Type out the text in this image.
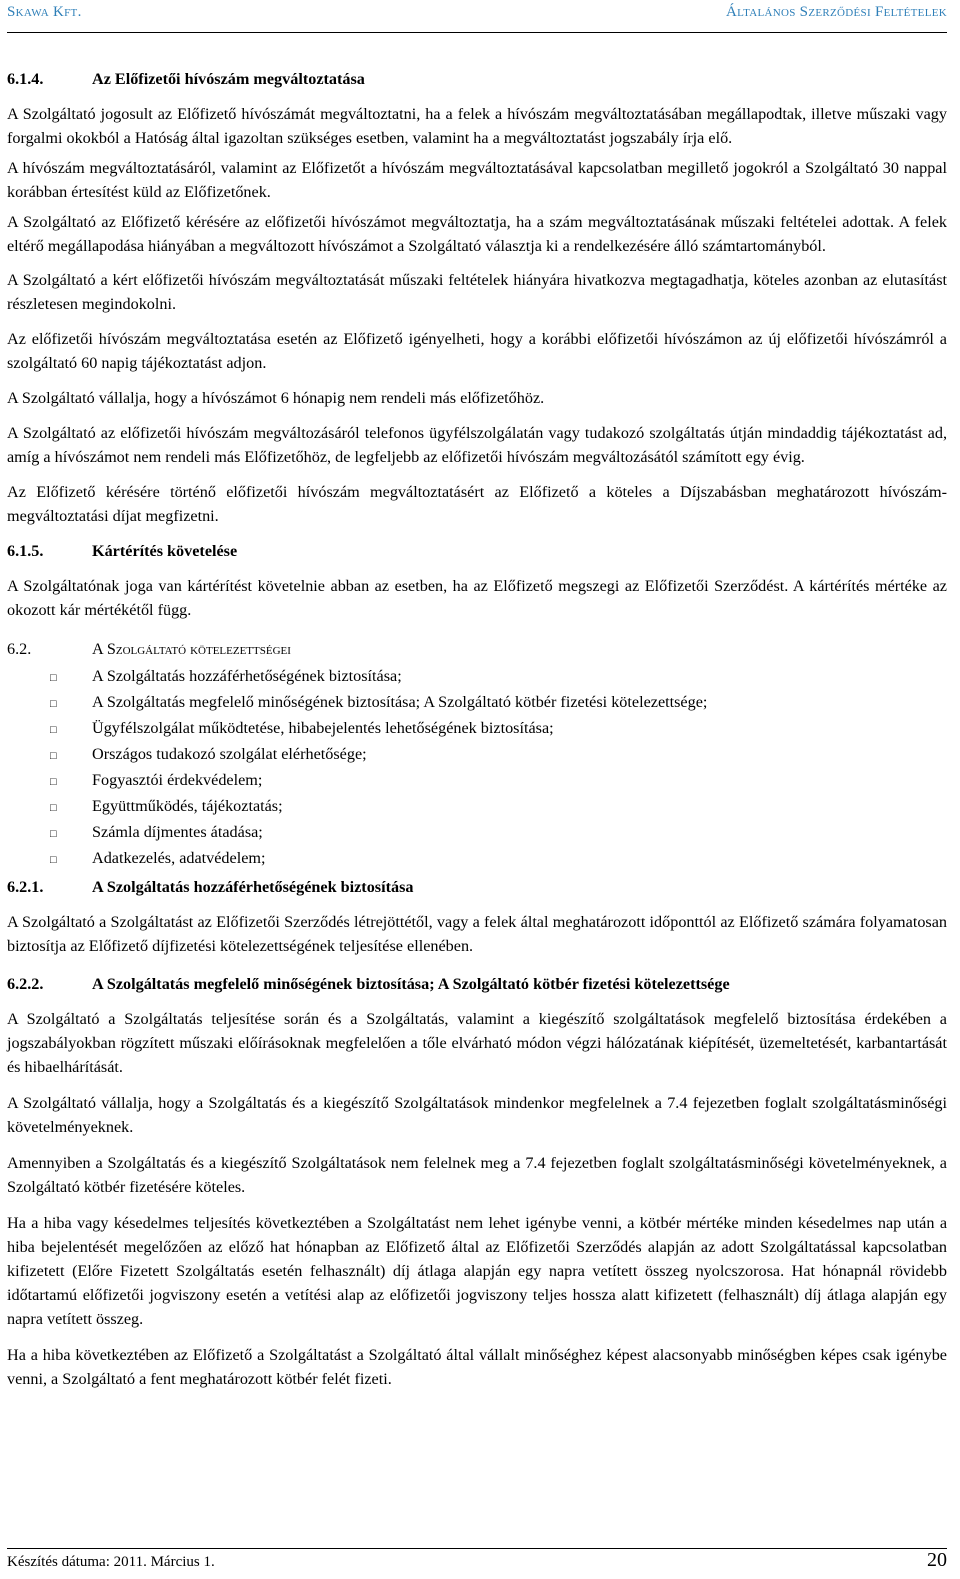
Skawa Kft.	Általános Szerződési Feltételek
6.1.4.	Az Előfizetői hívószám megváltoztatása

A Szolgáltató jogosult az Előfizető hívószámát megváltoztatni, ha a felek a hívószám megváltoztatásában megállapodtak, illetve műszaki vagy forgalmi okokból a Hatóság által igazoltan szükséges esetben, valamint ha a megváltoztatást jogszabály írja elő.

A hívószám megváltoztatásáról, valamint az Előfizetőt a hívószám megváltoztatásával kapcsolatban megillető jogokról a Szolgáltató 30 nappal korábban értesítést küld az Előfizetőnek.

A Szolgáltató az Előfizető kérésére az előfizetői hívószámot megváltoztatja, ha a szám megváltoztatásának műszaki feltételei adottak. A felek eltérő megállapodása hiányában a megváltozott hívószámot a Szolgáltató választja ki a rendelkezésére álló számtartományból.

A Szolgáltató a kért előfizetői hívószám megváltoztatását műszaki feltételek hiányára hivatkozva megtagadhatja, köteles azonban az elutasítást részletesen megindokolni.

Az előfizetői hívószám megváltoztatása esetén az Előfizető igényelheti, hogy a korábbi előfizetői hívószámon az új előfizetői hívószámról a szolgáltató 60 napig tájékoztatást adjon.

A Szolgáltató vállalja, hogy a hívószámot 6 hónapig nem rendeli más előfizetőhöz.

A Szolgáltató az előfizetői hívószám megváltozásáról telefonos ügyfélszolgálatán vagy tudakozó szolgáltatás útján mindaddig tájékoztatást ad, amíg a hívószámot nem rendeli más Előfizetőhöz, de legfeljebb az előfizetői hívószám megváltozásától számított egy évig.

Az Előfizető kérésére történő előfizetői hívószám megváltoztatásért az Előfizető a köteles a Díjszabásban meghatározott hívószám-megváltoztatási díjat megfizetni.

6.1.5.	Kártérítés követelése

A Szolgáltatónak joga van kártérítést követelnie abban az esetben, ha az Előfizető megszegi az Előfizetői Szerződést. A kártérítés mértéke az okozott kár mértékétől függ.

6.2.	A Szolgáltató kötelezettségei
□	A Szolgáltatás hozzáférhetőségének biztosítása;
□	A Szolgáltatás megfelelő minőségének biztosítása; A Szolgáltató kötbér fizetési kötelezettsége;
□	Ügyfélszolgálat működtetése, hibabejelentés lehetőségének biztosítása;
□	Országos tudakozó szolgálat elérhetősége;
□	Fogyasztói érdekvédelem;
□	Együttműködés, tájékoztatás;
□	Számla díjmentes átadása;
□	Adatkezelés, adatvédelem;
6.2.1.	A Szolgáltatás hozzáférhetőségének biztosítása

A Szolgáltató a Szolgáltatást az Előfizetői Szerződés létrejöttétől, vagy a felek által meghatározott időponttól az Előfizető számára folyamatosan biztosítja az Előfizető díjfizetési kötelezettségének teljesítése ellenében.

6.2.2.	A Szolgáltatás megfelelő minőségének biztosítása; A Szolgáltató kötbér fizetési kötelezettsége

A Szolgáltató a Szolgáltatás teljesítése során és a Szolgáltatás, valamint a kiegészítő szolgáltatások megfelelő biztosítása érdekében a jogszabályokban rögzített műszaki előírásoknak megfelelően a tőle elvárható módon végzi hálózatának kiépítését, üzemeltetését, karbantartását és hibaelhárítását.

A Szolgáltató vállalja, hogy a Szolgáltatás és a kiegészítő Szolgáltatások mindenkor megfelelnek a 7.4 fejezetben foglalt szolgáltatásminőségi követelményeknek.

Amennyiben a Szolgáltatás és a kiegészítő Szolgáltatások nem felelnek meg a 7.4 fejezetben foglalt szolgáltatásminőségi követelményeknek, a Szolgáltató kötbér fizetésére köteles.

Ha a hiba vagy késedelmes teljesítés következtében a Szolgáltatást nem lehet igénybe venni, a kötbér mértéke minden késedelmes nap után a hiba bejelentését megelőzően az előző hat hónapban az Előfizető által az Előfizetői Szerződés alapján az adott Szolgáltatással kapcsolatban kifizetett (Előre Fizetett Szolgáltatás esetén felhasznált) díj átlaga alapján egy napra vetített összeg nyolcszorosa. Hat hónapnál rövidebb időtartamú előfizetői jogviszony esetén a vetítési alap az előfizetői jogviszony teljes hossza alatt kifizetett (felhasznált) díj átlaga alapján egy napra vetített összeg.

Ha a hiba következtében az Előfizető a Szolgáltatást a Szolgáltató által vállalt minőséghez képest alacsonyabb minőségben képes csak igénybe venni, a Szolgáltató a fent meghatározott kötbér felét fizeti.

Készítés dátuma: 2011. Március 1.	20
